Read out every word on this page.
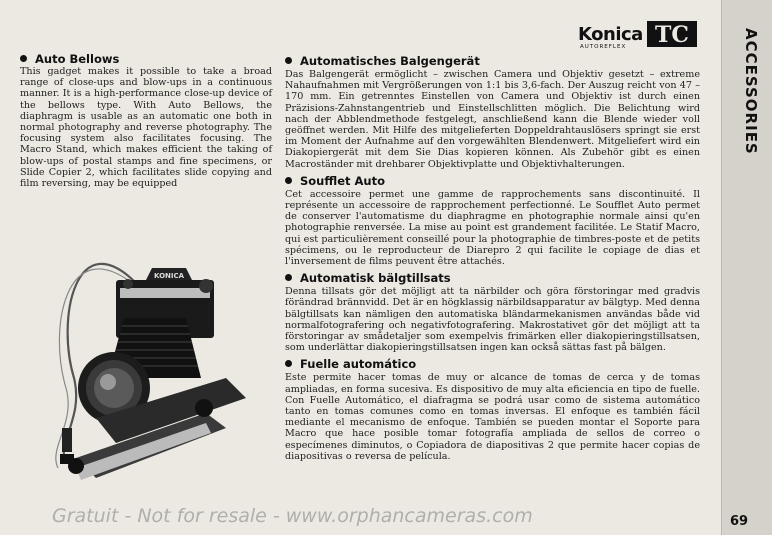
Konica
AUTOREFLEX TC
Auto Bellows

This gadget makes it possible to take a broad range of close-ups and blow-ups in a continuous manner. It is a high-performance close-up device of the bellows type. With Auto Bellows, the diaphragm is usable as an automatic one both in normal photography and reverse photography. The focusing system also facilitates focusing. The Macro Stand, which makes efficient the taking of blow-ups of postal stamps and fine specimens, or Slide Copier 2, which facilitates slide copying and film reversing, may be equipped

KONICA
Automatisches Balgengerät

Das Balgengerät ermöglicht – zwischen Camera und Objektiv gesetzt – extreme Nahaufnahmen mit Vergrößerungen von 1:1 bis 3,6-fach. Der Auszug reicht von 47 – 170 mm. Ein getrenntes Einstellen von Camera und Objektiv ist durch einen Präzisions-Zahnstangentrieb und Einstellschlitten möglich. Die Belichtung wird nach der Abblendmethode festgelegt, anschließend kann die Blende wieder voll geöffnet werden. Mit Hilfe des mitgelieferten Doppeldrahtauslösers springt sie erst im Moment der Aufnahme auf den vorgewählten Blendenwert. Mitgeliefert wird ein Diakopiergerät mit dem Sie Dias kopieren können. Als Zubehör gibt es einen Macroständer mit drehbarer Objektivplatte und Objektivhalterungen.

Soufflet Auto

Cet accessoire permet une gamme de rapprochements sans discontinuité. Il représente un accessoire de rapprochement perfectionné. Le Soufflet Auto permet de conserver l'automatisme du diaphragme en photographie normale ainsi qu'en photographie renversée. La mise au point est grandement facilitée. Le Statif Macro, qui est particulièrement conseillé pour la photographie de timbres-poste et de petits spécimens, ou le reproducteur de Diarepro 2 qui facilite le copiage de dias et l'inversement de films peuvent être attachés.

Automatisk bälgtillsats

Denna tillsats gör det möjligt att ta närbilder och göra förstoringar med gradvis förändrad brännvidd. Det är en högklassig närbildsapparatur av bälgtyp. Med denna bälgtillsats kan nämligen den automatiska bländarmekanismen användas både vid normalfotografering och negativfotografering. Makrostativet gör det möjligt att ta förstoringar av smådetaljer som exempelvis frimärken eller diakopieringstillsatsen, som underlättar diakopieringstillsatsen ingen kan också sättas fast på bälgen.

Fuelle automático

Este permite hacer tomas de muy or alcance de tomas de cerca y de tomas ampliadas, en forma sucesiva. Es dispositivo de muy alta eficiencia en tipo de fuelle. Con Fuelle Automático, el diafragma se podrá usar como de sistema automático tanto en tomas comunes como en tomas inversas. El enfoque es también fácil mediante el mecanismo de enfoque. También se pueden montar el Soporte para Macro que hace posible tomar fotografía ampliada de sellos de correo o especímenes diminutos, o Copiadora de diapositivas 2 que permite hacer copias de diapositivas o reversa de película.

Gratuit - Not for resale - www.orphancameras.com
ACCESSORIES
69
